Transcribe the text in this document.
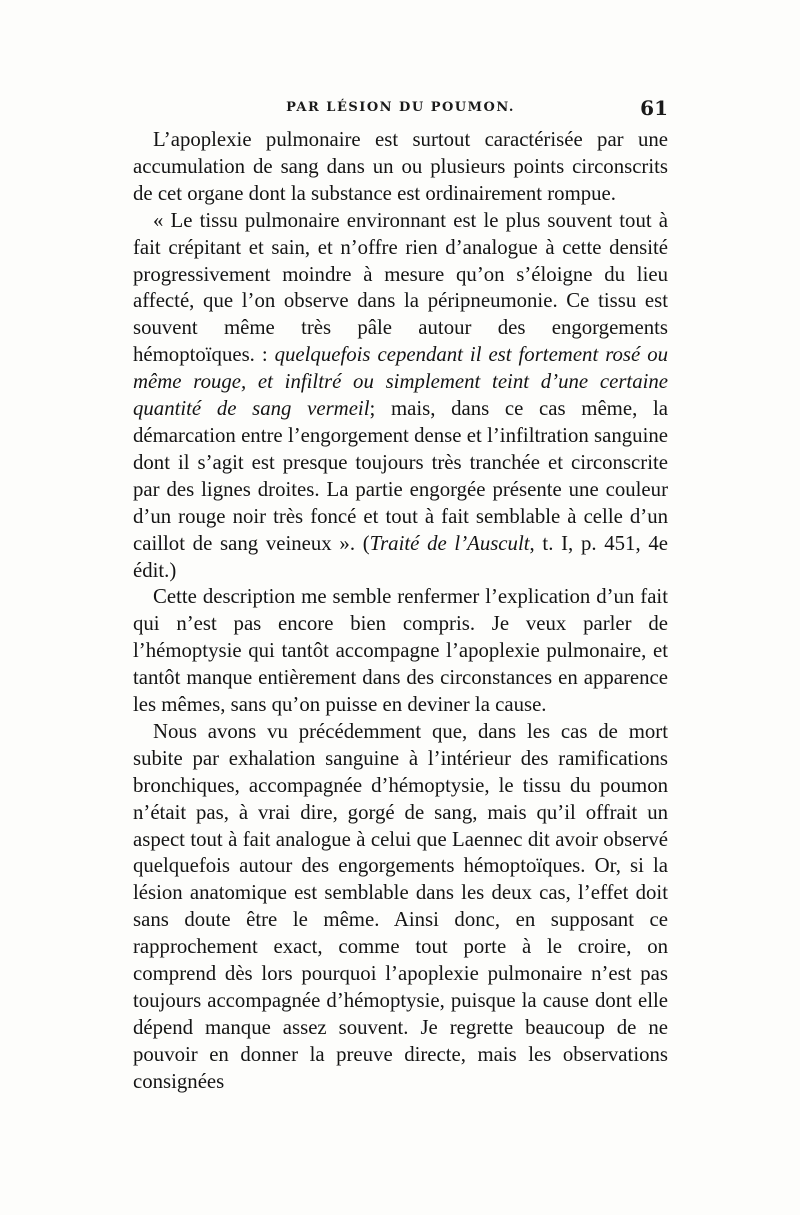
PAR LÉSION DU POUMON.	61

L’apoplexie pulmonaire est surtout caractérisée par une accumulation de sang dans un ou plusieurs points circonscrits de cet organe dont la substance est ordinairement rompue.

« Le tissu pulmonaire environnant est le plus souvent tout à fait crépitant et sain, et n’offre rien d’analogue à cette densité progressivement moindre à mesure qu’on s’éloigne du lieu affecté, que l’on observe dans la péripneumonie. Ce tissu est souvent même très pâle autour des engorgements hémoptoïques. : quelquefois cependant il est fortement rosé ou même rouge, et infiltré ou simplement teint d’une certaine quantité de sang vermeil; mais, dans ce cas même, la démarcation entre l’engorgement dense et l’infiltration sanguine dont il s’agit est presque toujours très tranchée et circonscrite par des lignes droites. La partie engorgée présente une couleur d’un rouge noir très foncé et tout à fait semblable à celle d’un caillot de sang veineux ». (Traité de l’Auscult, t. I, p. 451, 4e édit.)

Cette description me semble renfermer l’explication d’un fait qui n’est pas encore bien compris. Je veux parler de l’hémoptysie qui tantôt accompagne l’apoplexie pulmonaire, et tantôt manque entièrement dans des circonstances en apparence les mêmes, sans qu’on puisse en deviner la cause.

Nous avons vu précédemment que, dans les cas de mort subite par exhalation sanguine à l’intérieur des ramifications bronchiques, accompagnée d’hémoptysie, le tissu du poumon n’était pas, à vrai dire, gorgé de sang, mais qu’il offrait un aspect tout à fait analogue à celui que Laennec dit avoir observé quelquefois autour des engorgements hémoptoïques. Or, si la lésion anatomique est semblable dans les deux cas, l’effet doit sans doute être le même. Ainsi donc, en supposant ce rapprochement exact, comme tout porte à le croire, on comprend dès lors pourquoi l’apoplexie pulmonaire n’est pas toujours accompagnée d’hémoptysie, puisque la cause dont elle dépend manque assez souvent. Je regrette beaucoup de ne pouvoir en donner la preuve directe, mais les observations consignées
